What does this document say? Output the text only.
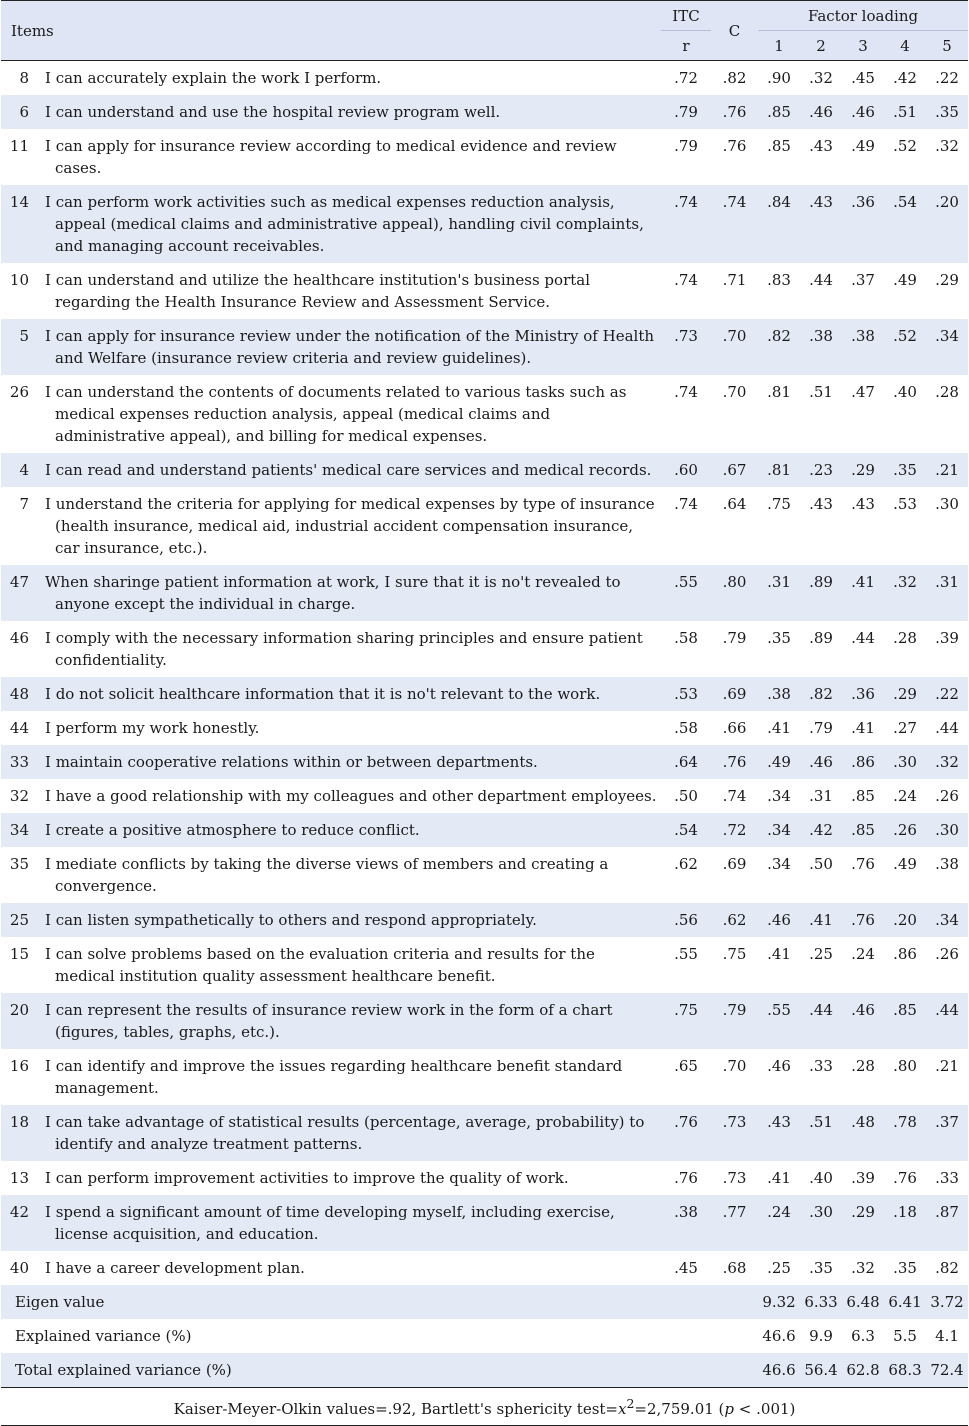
Items		ITC	C	Factor loading				
		r		1	2	3	4	5
8	I can accurately explain the work I perform.	.72	.82	.90	.32	.45	.42	.22
6	I can understand and use the hospital review program well.	.79	.76	.85	.46	.46	.51	.35
11	I can apply for insurance review according to medical evidence and review cases.	.79	.76	.85	.43	.49	.52	.32
14	I can perform work activities such as medical expenses reduction analysis, appeal (medical claims and administrative appeal), handling civil complaints, and managing account receivables.	.74	.74	.84	.43	.36	.54	.20
10	I can understand and utilize the healthcare institution's business portal regarding the Health Insurance Review and Assessment Service.	.74	.71	.83	.44	.37	.49	.29
5	I can apply for insurance review under the notification of the Ministry of Health and Welfare (insurance review criteria and review guidelines).	.73	.70	.82	.38	.38	.52	.34
26	I can understand the contents of documents related to various tasks such as medical expenses reduction analysis, appeal (medical claims and administrative appeal), and billing for medical expenses.	.74	.70	.81	.51	.47	.40	.28
4	I can read and understand patients' medical care services and medical records.	.60	.67	.81	.23	.29	.35	.21
7	I understand the criteria for applying for medical expenses by type of insurance (health insurance, medical aid, industrial accident compensation insurance, car insurance, etc.).	.74	.64	.75	.43	.43	.53	.30
47	When sharinge patient information at work, I sure that it is no't revealed to anyone except the individual in charge.	.55	.80	.31	.89	.41	.32	.31
46	I comply with the necessary information sharing principles and ensure patient confidentiality.	.58	.79	.35	.89	.44	.28	.39
48	I do not solicit healthcare information that it is no't relevant to the work.	.53	.69	.38	.82	.36	.29	.22
44	I perform my work honestly.	.58	.66	.41	.79	.41	.27	.44
33	I maintain cooperative relations within or between departments.	.64	.76	.49	.46	.86	.30	.32
32	I have a good relationship with my colleagues and other department employees.	.50	.74	.34	.31	.85	.24	.26
34	I create a positive atmosphere to reduce conflict.	.54	.72	.34	.42	.85	.26	.30
35	I mediate conflicts by taking the diverse views of members and creating a convergence.	.62	.69	.34	.50	.76	.49	.38
25	I can listen sympathetically to others and respond appropriately.	.56	.62	.46	.41	.76	.20	.34
15	I can solve problems based on the evaluation criteria and results for the medical institution quality assessment healthcare benefit.	.55	.75	.41	.25	.24	.86	.26
20	I can represent the results of insurance review work in the form of a chart (figures, tables, graphs, etc.).	.75	.79	.55	.44	.46	.85	.44
16	I can identify and improve the issues regarding healthcare benefit standard management.	.65	.70	.46	.33	.28	.80	.21
18	I can take advantage of statistical results (percentage, average, probability) to identify and analyze treatment patterns.	.76	.73	.43	.51	.48	.78	.37
13	I can perform improvement activities to improve the quality of work.	.76	.73	.41	.40	.39	.76	.33
42	I spend a significant amount of time developing myself, including exercise, license acquisition, and education.	.38	.77	.24	.30	.29	.18	.87
40	I have a career development plan.	.45	.68	.25	.35	.32	.35	.82
Eigen value				9.32	6.33	6.48	6.41	3.72
Explained variance (%)				46.6	9.9	6.3	5.5	4.1
Total explained variance (%)				46.6	56.4	62.8	68.3	72.4
Kaiser-Meyer-Olkin values=.92, Bartlett's sphericity $test=x^2=2,759.01$ (p < .001)								
